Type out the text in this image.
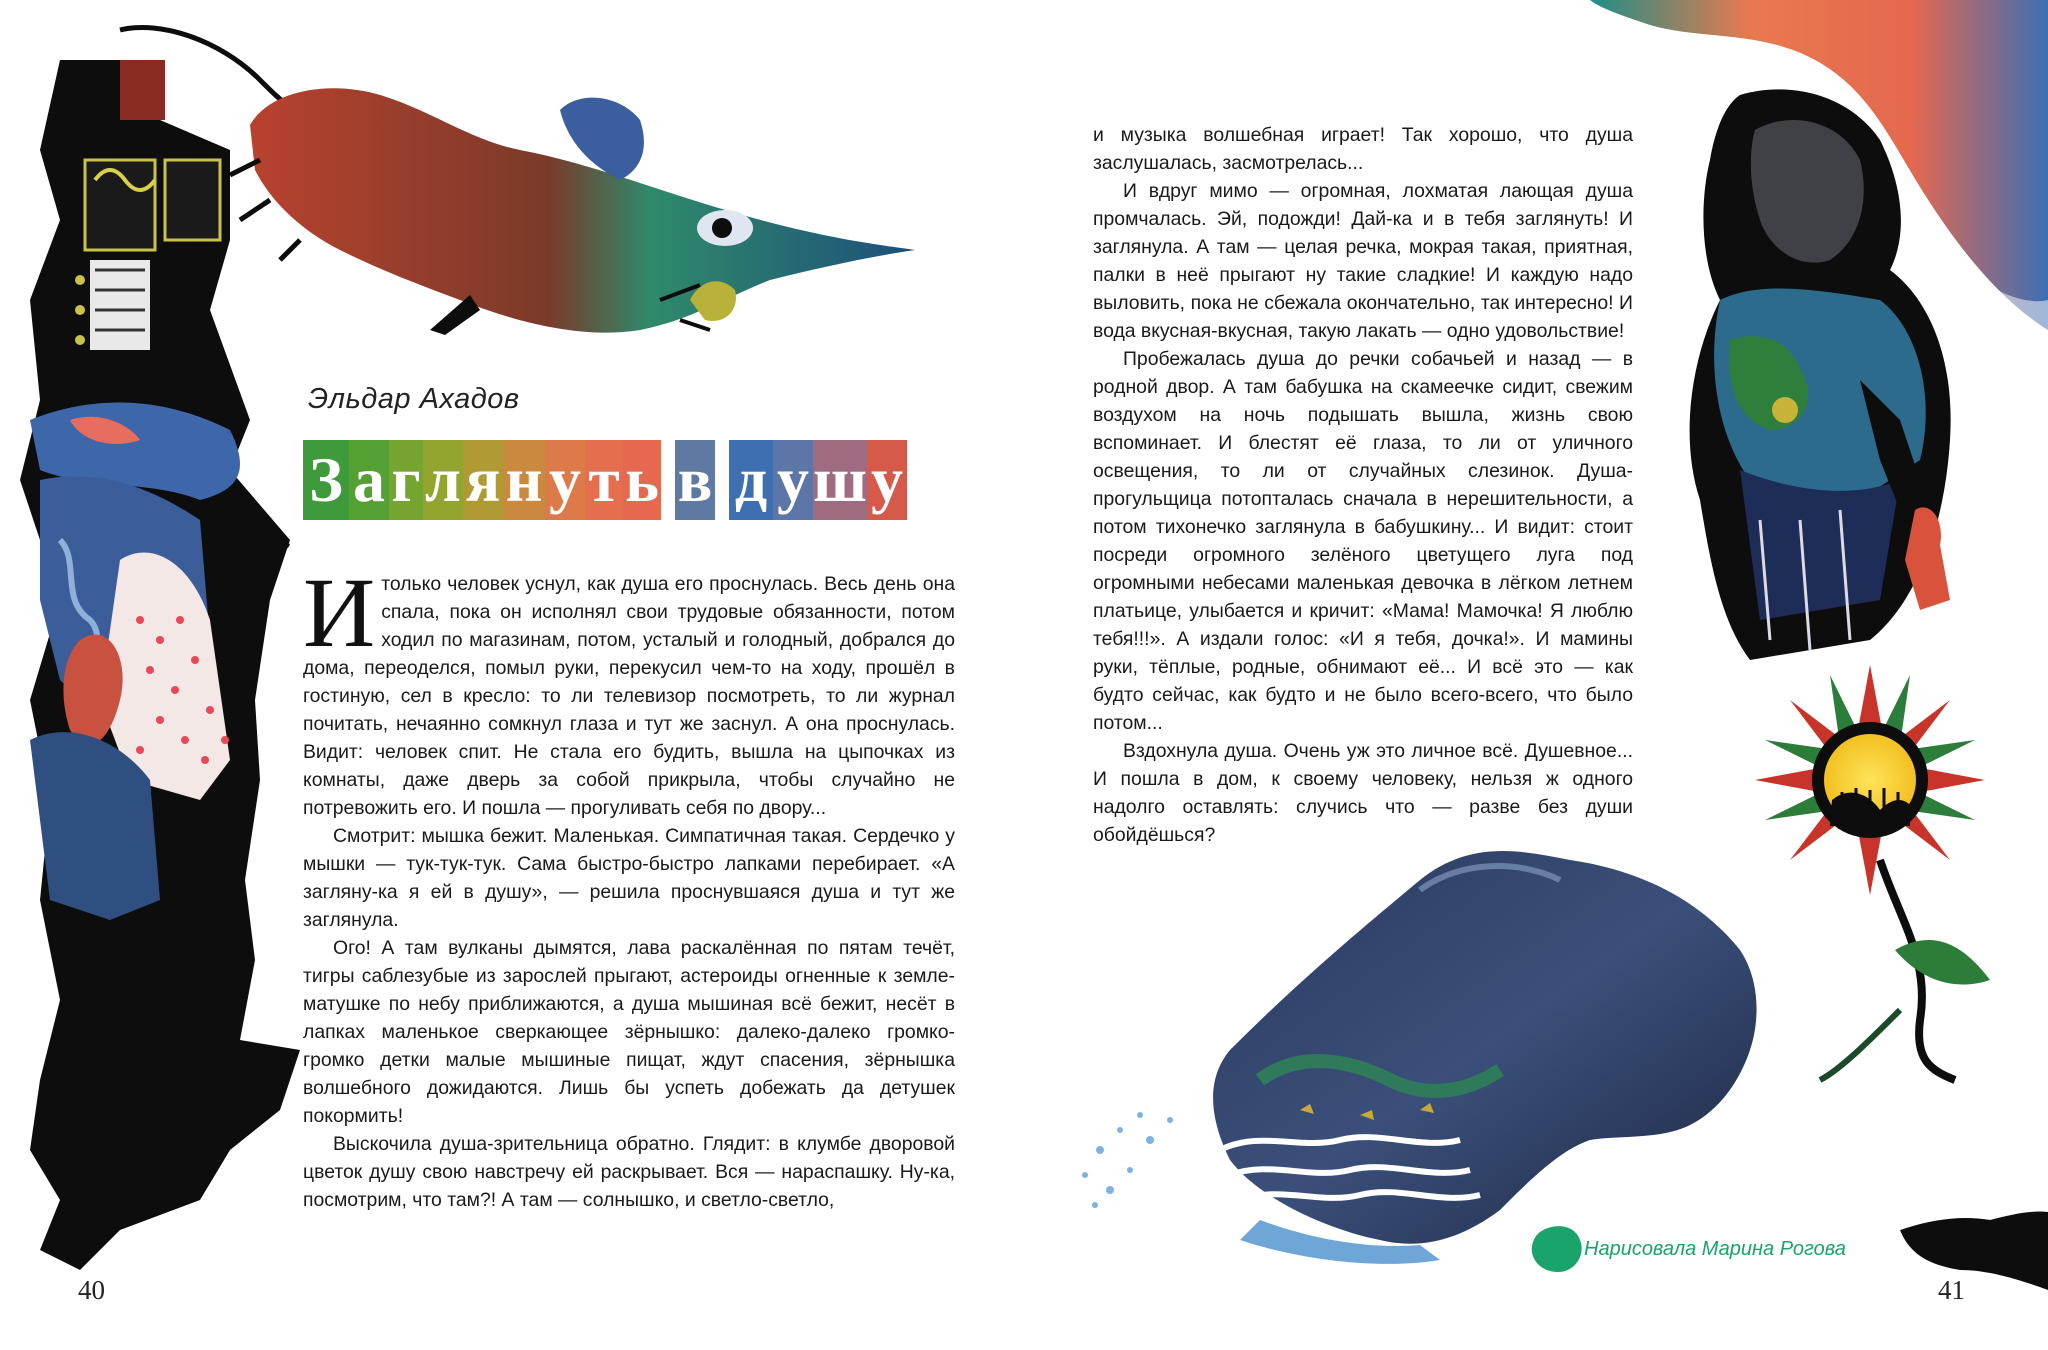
Эльдар Ахадов
З а г л я н у т ь в д у ш у

Итолько человек уснул, как душа его проснулась. Весь день она спала, пока он исполнял свои трудовые обязанности, потом ходил по магазинам, потом, усталый и голодный, добрался до дома, переоделся, помыл руки, перекусил чем-то на ходу, прошёл в гостиную, сел в кресло: то ли телевизор посмотреть, то ли журнал почитать, нечаянно сомкнул глаза и тут же заснул. А она проснулась. Видит: человек спит. Не стала его будить, вышла на цыпочках из комнаты, даже дверь за собой прикрыла, чтобы случайно не потревожить его. И пошла — прогуливать себя по двору...

Смотрит: мышка бежит. Маленькая. Симпатичная такая. Сердечко у мышки — тук-тук-тук. Сама быстро-быстро лапками перебирает. «А загляну-ка я ей в душу», — решила проснувшаяся душа и тут же заглянула.

Ого! А там вулканы дымятся, лава раскалённая по пятам течёт, тигры саблезубые из зарослей прыгают, астероиды огненные к земле-матушке по небу приближаются, а душа мышиная всё бежит, несёт в лапках маленькое сверкающее зёрнышко: далеко-далеко громко-громко детки малые мышиные пищат, ждут спасения, зёрнышка волшебного дожидаются. Лишь бы успеть добежать да детушек покормить!

Выскочила душа-зрительница обратно. Глядит: в клумбе дворовой цветок душу свою навстречу ей раскрывает. Вся — нараспашку. Ну-ка, посмотрим, что там?! А там — солнышко, и светло-светло,

и музыка волшебная играет! Так хорошо, что душа заслушалась, засмотрелась...

И вдруг мимо — огромная, лохматая лающая душа промчалась. Эй, подожди! Дай-ка и в тебя заглянуть! И заглянула. А там — целая речка, мокрая такая, приятная, палки в неё прыгают ну такие сладкие! И каждую надо выловить, пока не сбежала окончательно, так интересно! И вода вкусная-вкусная, такую лакать — одно удовольствие!

Пробежалась душа до речки собачьей и назад — в родной двор. А там бабушка на скамеечке сидит, свежим воздухом на ночь подышать вышла, жизнь свою вспоминает. И блестят её глаза, то ли от уличного освещения, то ли от случайных слезинок. Душа-прогульщица потопталась сначала в нерешительности, а потом тихонечко заглянула в бабушкину... И видит: стоит посреди огромного зелёного цветущего луга под огромными небесами маленькая девочка в лёгком летнем платьице, улыбается и кричит: «Мама! Мамочка! Я люблю тебя!!!». А издали голос: «И я тебя, дочка!». И мамины руки, тёплые, родные, обнимают её... И всё это — как будто сейчас, как будто и не было всего-всего, что было потом...

Вздохнула душа. Очень уж это личное всё. Душевное... И пошла в дом, к своему человеку, нельзя ж одного надолго оставлять: случись что — разве без души обойдёшься?

Нарисовала Марина Рогова
40	41
